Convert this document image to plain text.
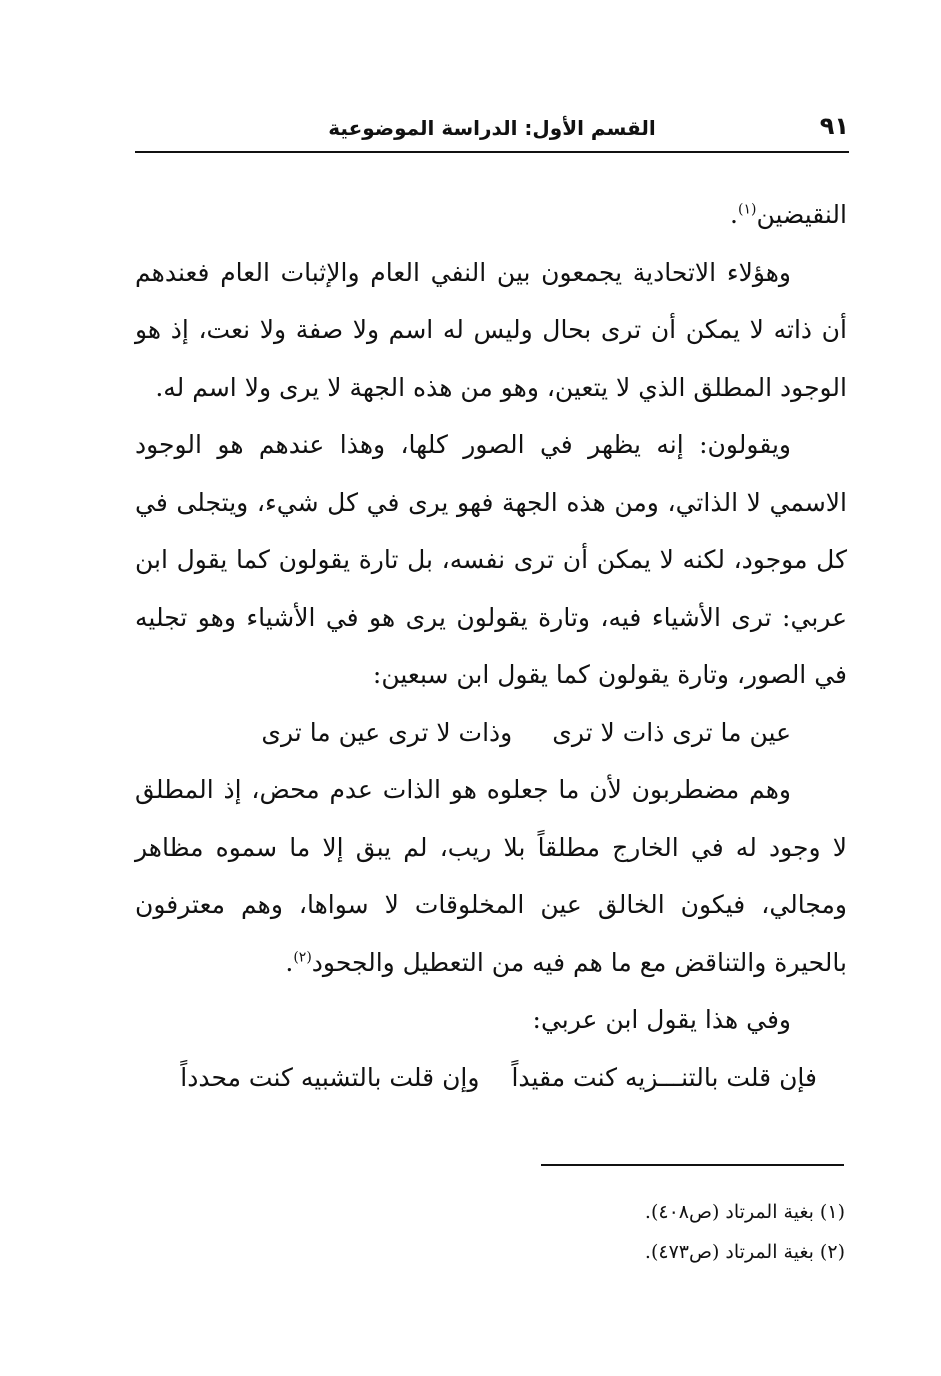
٩١
القسم الأول: الدراسة الموضوعية

النقيضين$^{(١)}$.

وهؤلاء الاتحادية يجمعون بين النفي العام والإثبات العام فعندهم أن ذاته لا يمكن أن ترى بحال وليس له اسم ولا صفة ولا نعت، إذ هو الوجود المطلق الذي لا يتعين، وهو من هذه الجهة لا يرى ولا اسم له.

ويقولون: إنه يظهر في الصور كلها، وهذا عندهم هو الوجود الاسمي لا الذاتي، ومن هذه الجهة فهو يرى في كل شيء، ويتجلى في كل موجود، لكنه لا يمكن أن ترى نفسه، بل تارة يقولون كما يقول ابن عربي: ترى الأشياء فيه، وتارة يقولون يرى هو في الأشياء وهو تجليه في الصور، وتارة يقولون كما يقول ابن سبعين:

عين ما ترى ذات لا ترى
وذات لا ترى عين ما ترى

وهم مضطربون لأن ما جعلوه هو الذات عدم محض، إذ المطلق لا وجود له في الخارج مطلقاً بلا ريب، لم يبق إلا ما سموه مظاهر ومجالي، فيكون الخالق عين المخلوقات لا سواها، وهم معترفون بالحيرة والتناقض مع ما هم فيه من التعطيل والجحود$^{(٢)}$.

وفي هذا يقول ابن عربي:

فإن قلت بالتنـــزيه كنت مقيداً
وإن قلت بالتشبيه كنت محدداً

(١) بغية المرتاد (ص٤٠٨).

(٢) بغية المرتاد (ص٤٧٣).
